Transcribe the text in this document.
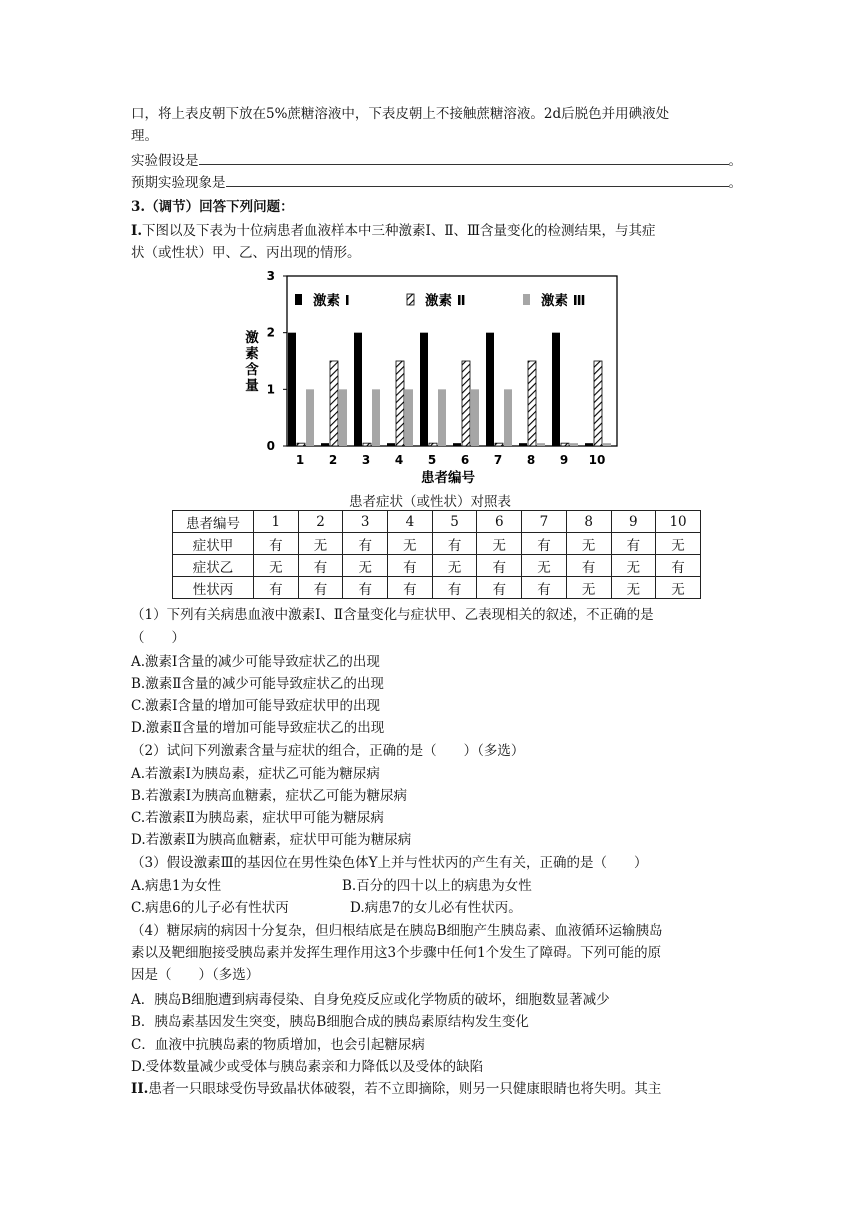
口，将上表皮朝下放在5%蔗糖溶液中，下表皮朝上不接触蔗糖溶液。2d后脱色并用碘液处
理。
实验假设是	。
预期实验现象是	。
3.（调节）回答下列问题：
I.下图以及下表为十位病患者血液样本中三种激素Ⅰ、Ⅱ、Ⅲ含量变化的检测结果，与其症
状（或性状）甲、乙、丙出现的情形。
激素含量
0
1
2
3
1 2 3 4 5 6 7 8 9 10
激素 Ⅰ	激素 Ⅱ	激素 Ⅲ
患者编号
患者症状（或性状）对照表
患者编号	1	2	3	4	5	6	7	8	9	10
症状甲	有	无	有	无	有	无	有	无	有	无
症状乙	无	有	无	有	无	有	无	有	无	有
性状丙	有	有	有	有	有	有	有	无	无	无
（1）下列有关病患血液中激素Ⅰ、Ⅱ含量变化与症状甲、乙表现相关的叙述，不正确的是
（　　）
A.激素Ⅰ含量的减少可能导致症状乙的出现
B.激素Ⅱ含量的减少可能导致症状乙的出现
C.激素Ⅰ含量的增加可能导致症状甲的出现
D.激素Ⅱ含量的增加可能导致症状乙的出现
（2）试问下列激素含量与症状的组合，正确的是（　　）（多选）
A.若激素Ⅰ为胰岛素，症状乙可能为糖尿病
B.若激素Ⅰ为胰高血糖素，症状乙可能为糖尿病
C.若激素Ⅱ为胰岛素，症状甲可能为糖尿病
D.若激素Ⅱ为胰高血糖素，症状甲可能为糖尿病
（3）假设激素Ⅲ的基因位在男性染色体Y上并与性状丙的产生有关，正确的是（　　）
A.病患1为女性	B.百分的四十以上的病患为女性
C.病患6的儿子必有性状丙	D.病患7的女儿必有性状丙。
（4）糖尿病的病因十分复杂，但归根结底是在胰岛B细胞产生胰岛素、血液循环运输胰岛
素以及靶细胞接受胰岛素并发挥生理作用这3个步骤中任何1个发生了障碍。下列可能的原
因是（　　）（多选）
A．胰岛B细胞遭到病毒侵染、自身免疫反应或化学物质的破坏，细胞数显著减少
B．胰岛素基因发生突变，胰岛B细胞合成的胰岛素原结构发生变化
C．血液中抗胰岛素的物质增加，也会引起糖尿病
D.受体数量减少或受体与胰岛素亲和力降低以及受体的缺陷
II.患者一只眼球受伤导致晶状体破裂，若不立即摘除，则另一只健康眼睛也将失明。其主
